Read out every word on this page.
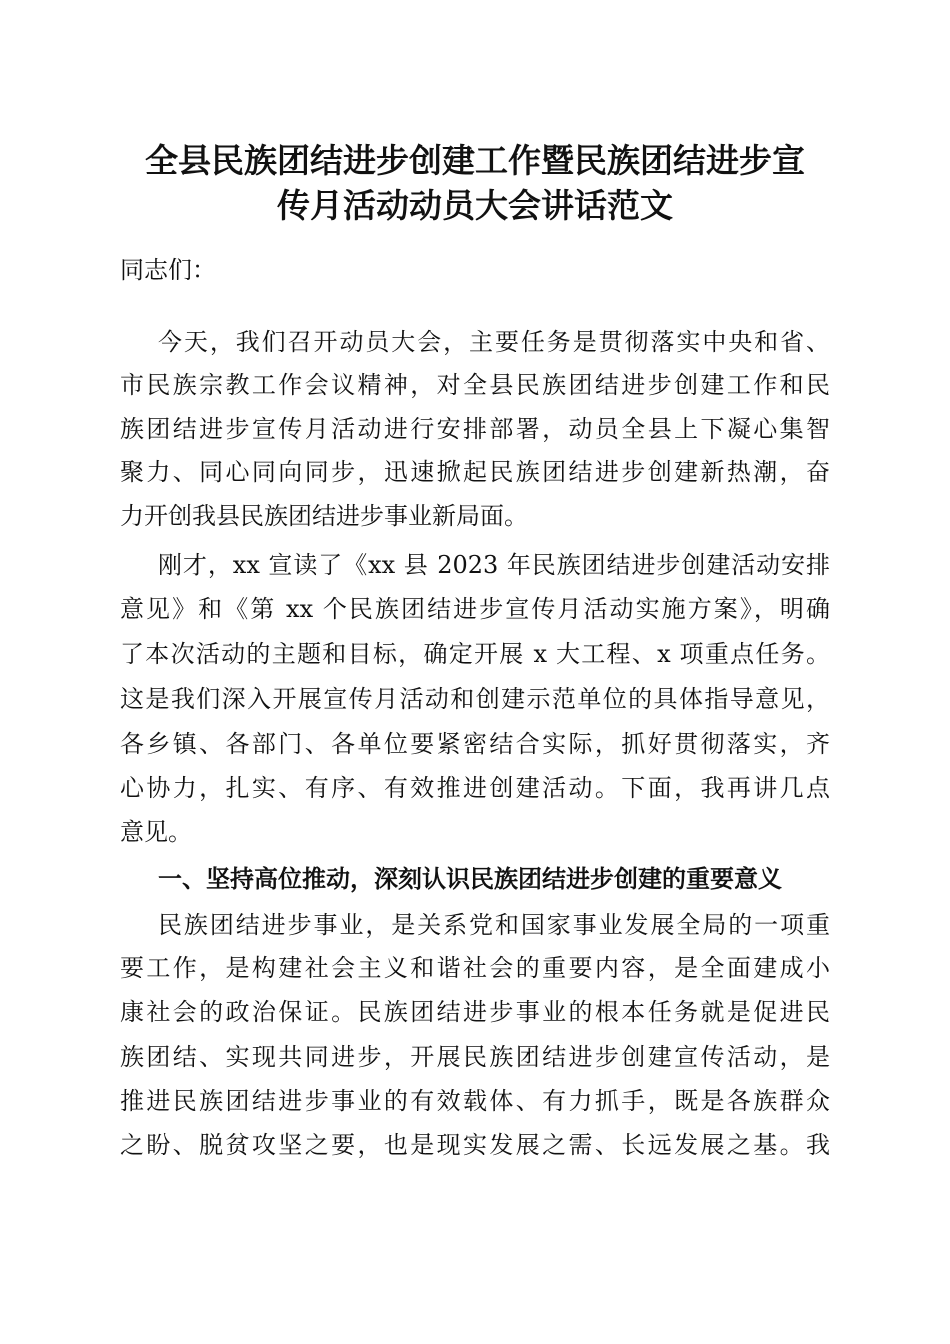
全县民族团结进步创建工作暨民族团结进步宣
传月活动动员大会讲话范文
同志们：
今天，我们召开动员大会，主要任务是贯彻落实中央和省、
市民族宗教工作会议精神，对全县民族团结进步创建工作和民
族团结进步宣传月活动进行安排部署，动员全县上下凝心集智
聚力、同心同向同步，迅速掀起民族团结进步创建新热潮，奋
力开创我县民族团结进步事业新局面。
刚才，xx 宣读了《xx 县 2023 年民族团结进步创建活动安排
意见》和《第 xx 个民族团结进步宣传月活动实施方案》，明确
了本次活动的主题和目标，确定开展 x 大工程、x 项重点任务。
这是我们深入开展宣传月活动和创建示范单位的具体指导意见，
各乡镇、各部门、各单位要紧密结合实际，抓好贯彻落实，齐
心协力，扎实、有序、有效推进创建活动。下面，我再讲几点
意见。
一、坚持高位推动，深刻认识民族团结进步创建的重要意义
民族团结进步事业，是关系党和国家事业发展全局的一项重
要工作，是构建社会主义和谐社会的重要内容，是全面建成小
康社会的政治保证。民族团结进步事业的根本任务就是促进民
族团结、实现共同进步，开展民族团结进步创建宣传活动，是
推进民族团结进步事业的有效载体、有力抓手，既是各族群众
之盼、脱贫攻坚之要，也是现实发展之需、长远发展之基。我
